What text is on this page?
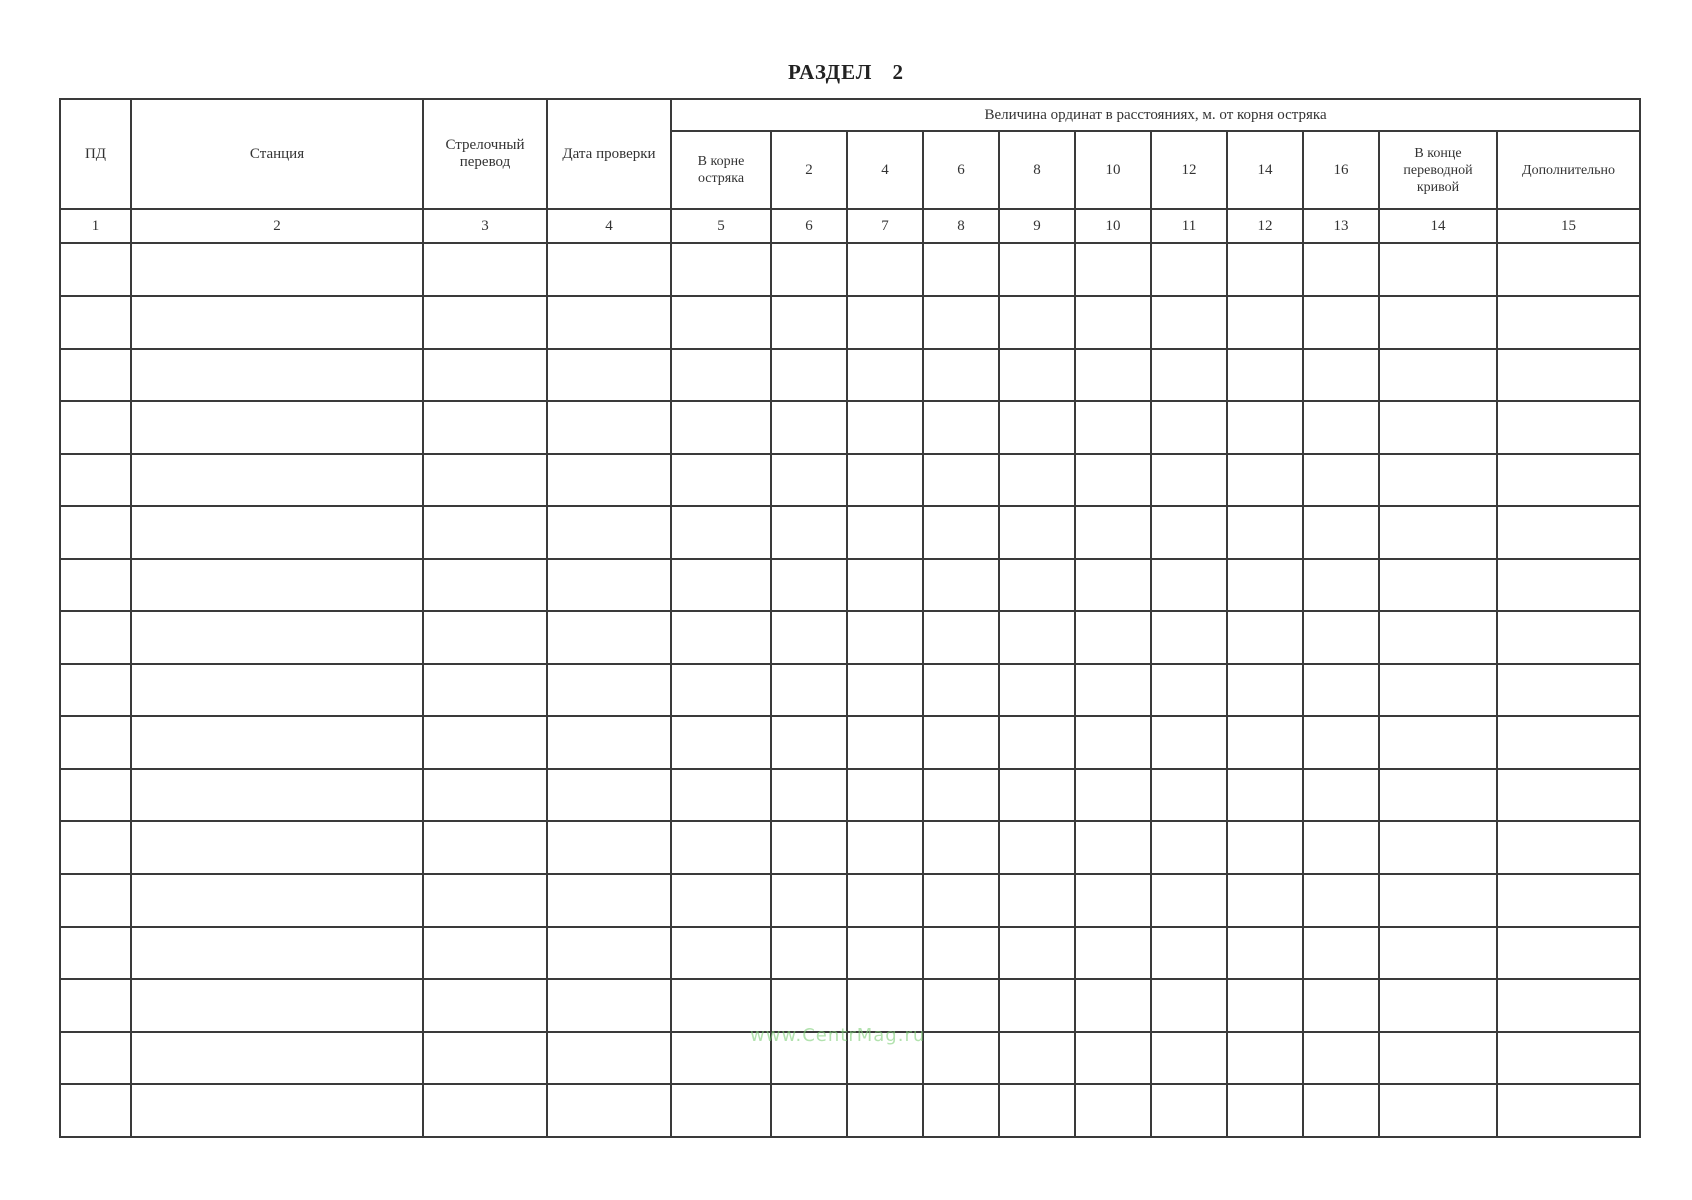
РАЗДЕЛ 2
ПД	Станция	Стрелочный перевод	Дата проверки	Величина ординат в расстояниях, м. от корня остряка										
				В корне остряка	2	4	6	8	10	12	14	16	В конце переводной кривой	Дополнительно
1	2	3	4	5	6	7	8	9	10	11	12	13	14	15

www.CentrMag.ru
